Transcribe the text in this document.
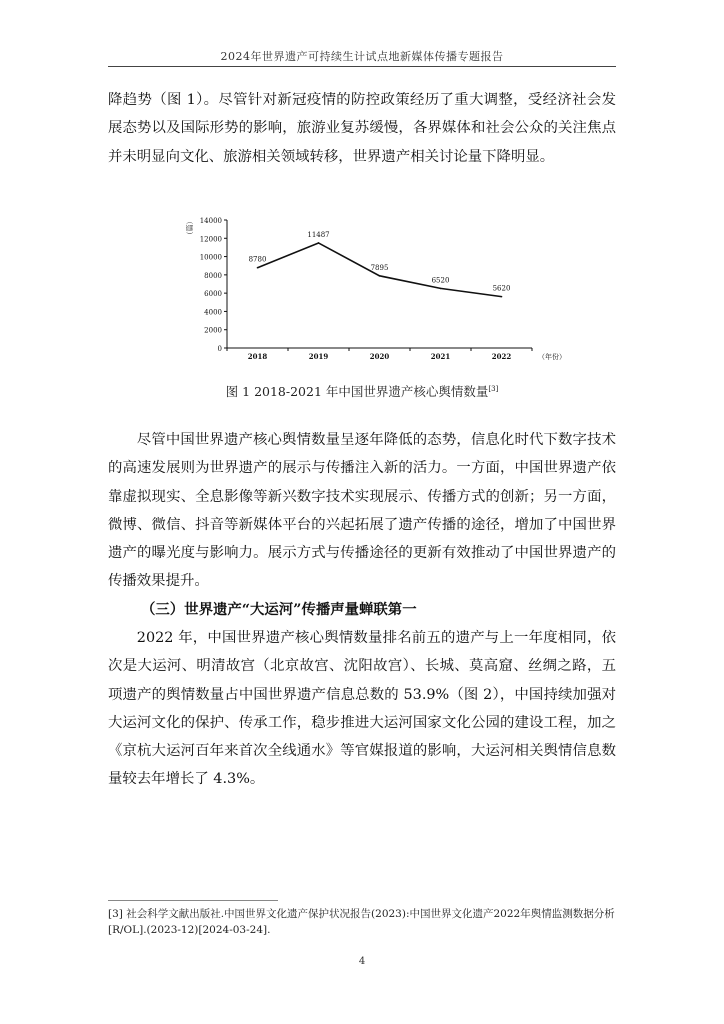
2024年世界遗产可持续生计试点地新媒体传播专题报告

降趋势（图 1）。尽管针对新冠疫情的防控政策经历了重大调整，受经济社会发展态势以及国际形势的影响，旅游业复苏缓慢，各界媒体和社会公众的关注焦点并未明显向文化、旅游相关领域转移，世界遗产相关讨论量下降明显。

0
2000
4000
6000
8000
10000
12000
14000
（篇）
2018	2019	2020	2021	2022	（年份）
8780
11487
7895
6520
5620
图 1 2018-2021 年中国世界遗产核心舆情数量[3]

尽管中国世界遗产核心舆情数量呈逐年降低的态势，信息化时代下数字技术的高速发展则为世界遗产的展示与传播注入新的活力。一方面，中国世界遗产依靠虚拟现实、全息影像等新兴数字技术实现展示、传播方式的创新；另一方面，微博、微信、抖音等新媒体平台的兴起拓展了遗产传播的途径，增加了中国世界遗产的曝光度与影响力。展示方式与传播途径的更新有效推动了中国世界遗产的传播效果提升。

（三）世界遗产“大运河”传播声量蝉联第一

2022 年，中国世界遗产核心舆情数量排名前五的遗产与上一年度相同，依次是大运河、明清故宫（北京故宫、沈阳故宫）、长城、莫高窟、丝绸之路，五项遗产的舆情数量占中国世界遗产信息总数的 53.9%（图 2），中国持续加强对大运河文化的保护、传承工作，稳步推进大运河国家文化公园的建设工程，加之《京杭大运河百年来首次全线通水》等官媒报道的影响，大运河相关舆情信息数量较去年增长了 4.3%。

[3] 社会科学文献出版社.中国世界文化遗产保护状况报告(2023):中国世界文化遗产2022年舆情监测数据分析[R/OL].(2023-12)[2024-03-24].
4
